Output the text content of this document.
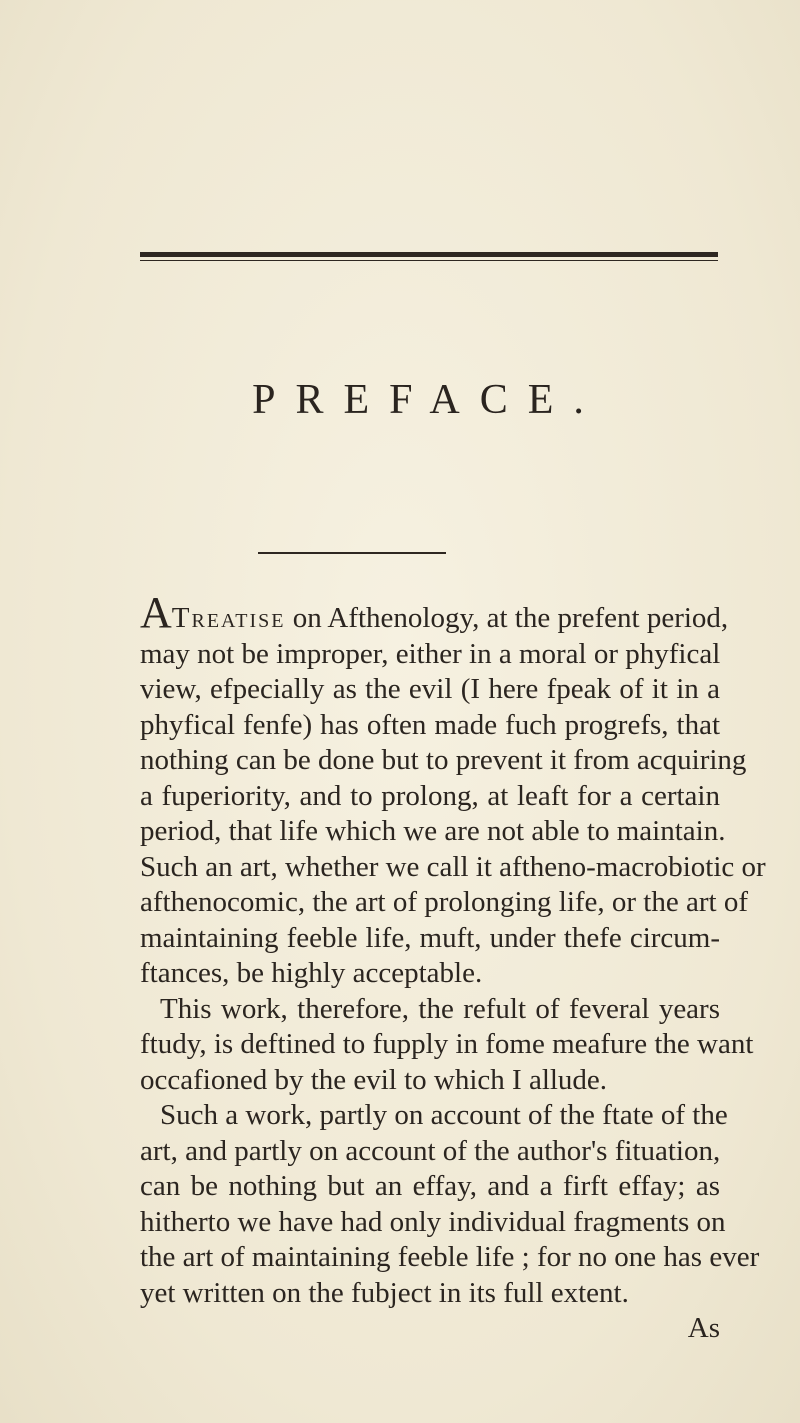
PREFACE.
ATreatise on Afthenology, at the prefent period,
may not be improper, either in a moral or phyfical
view, efpecially as the evil (I here fpeak of it in a
phyfical fenfe) has often made fuch progrefs, that
nothing can be done but to prevent it from acquiring
a fuperiority, and to prolong, at leaft for a certain
period, that life which we are not able to maintain.
Such an art, whether we call it aftheno-macrobiotic or
afthenocomic, the art of prolonging life, or the art of
maintaining feeble life, muft, under thefe circum-
ftances, be highly acceptable.
This work, therefore, the refult of feveral years
ftudy, is deftined to fupply in fome meafure the want
occafioned by the evil to which I allude.
Such a work, partly on account of the ftate of the
art, and partly on account of the author's fituation,
can be nothing but an effay, and a firft effay; as
hitherto we have had only individual fragments on
the art of maintaining feeble life ; for no one has ever
yet written on the fubject in its full extent.
As
